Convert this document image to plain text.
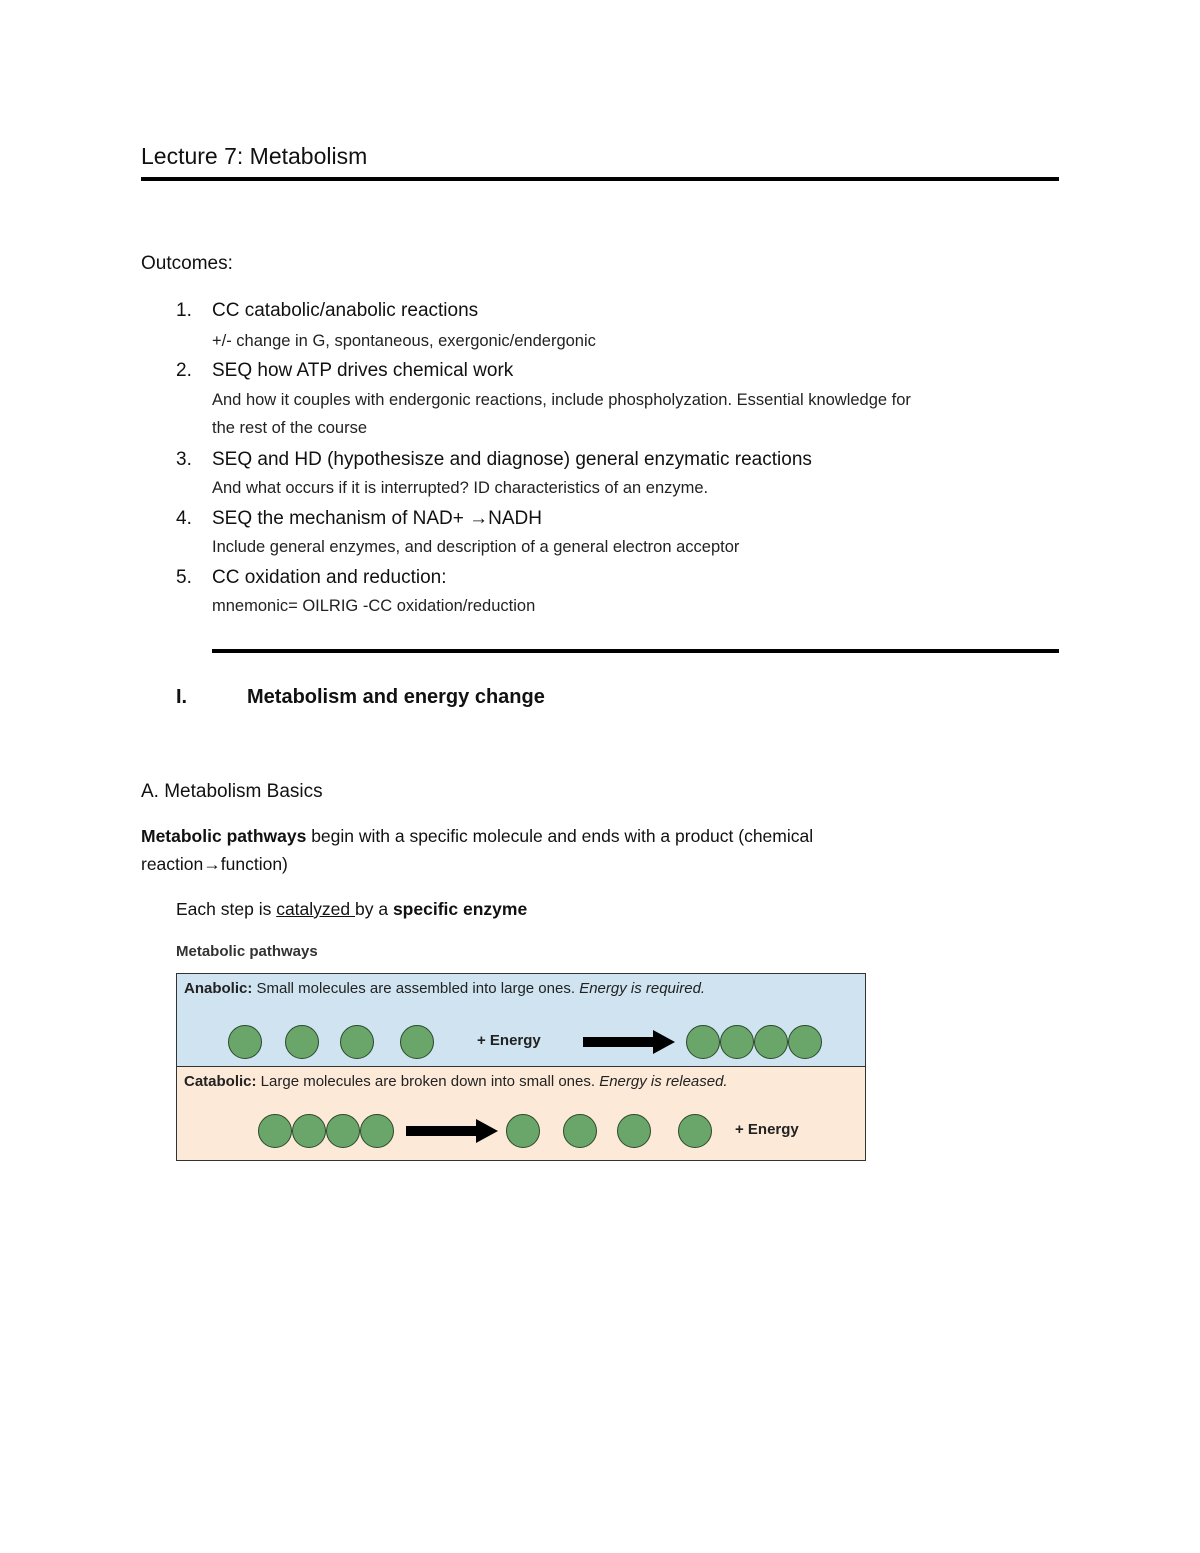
Lecture 7: Metabolism
Outcomes:
1.	CC catabolic/anabolic reactions
+/- change in G, spontaneous, exergonic/endergonic
2.	SEQ how ATP drives chemical work
And how it couples with endergonic reactions, include phospholyzation. Essential knowledge for
the rest of the course
3.	SEQ and HD (hypothesisze and diagnose) general enzymatic reactions
And what occurs if it is interrupted? ID characteristics of an enzyme.
4.	SEQ the mechanism of NAD+ →NADH
Include general enzymes, and description of a general electron acceptor
5.	CC oxidation and reduction:
mnemonic= OILRIG -CC oxidation/reduction
I.	Metabolism and energy change
A. Metabolism Basics
Metabolic pathways begin with a specific molecule and ends with a product (chemical
reaction→function)
Each step is catalyzed by a specific enzyme
Metabolic pathways
Anabolic: Small molecules are assembled into large ones. Energy is required.
+ Energy
Catabolic: Large molecules are broken down into small ones. Energy is released.
+ Energy
